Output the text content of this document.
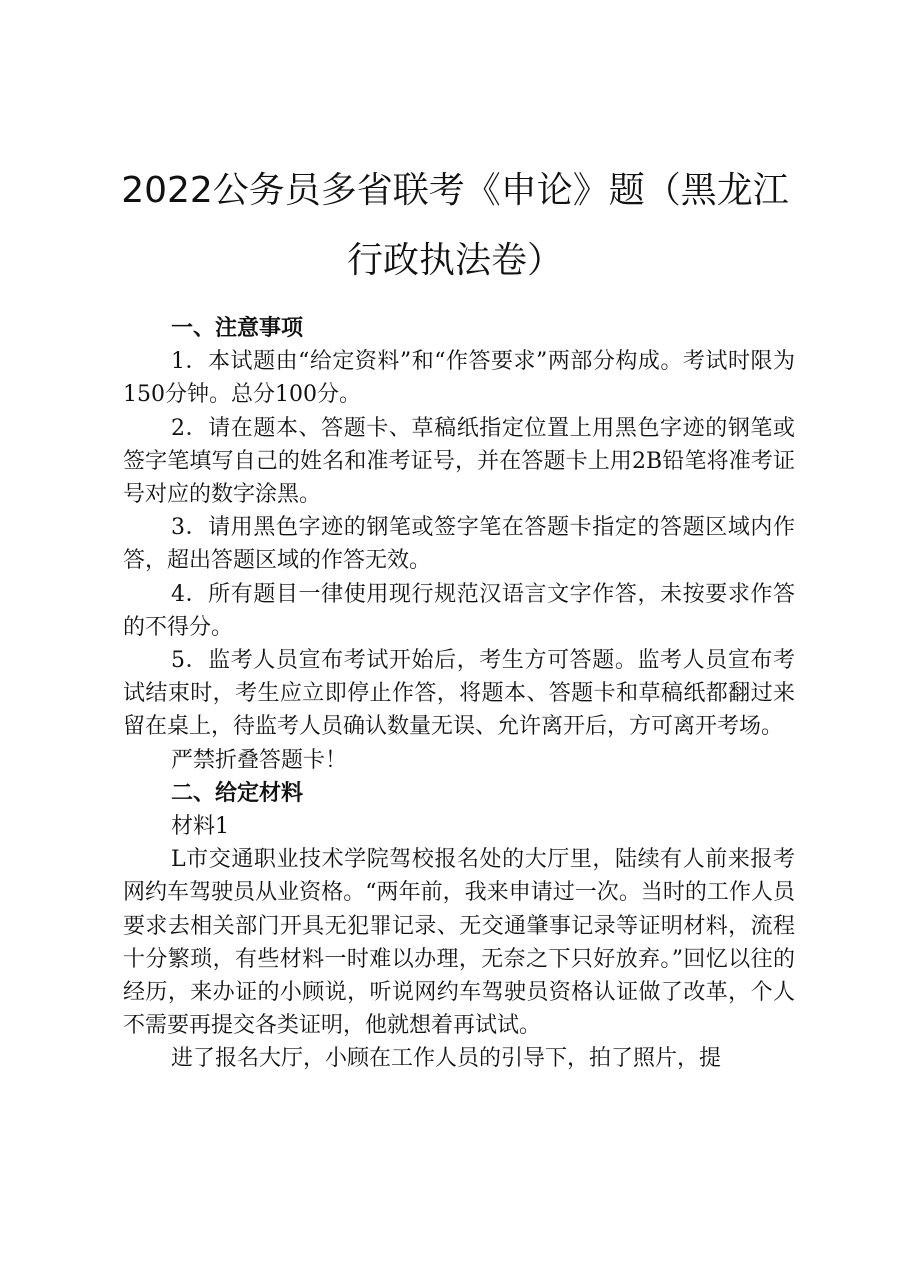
2022公务员多省联考《申论》题（黑龙江行政执法卷）

一、注意事项

1．本试题由“给定资料”和“作答要求”两部分构成。考试时限为150分钟。总分100分。

2．请在题本、答题卡、草稿纸指定位置上用黑色字迹的钢笔或签字笔填写自己的姓名和准考证号，并在答题卡上用2B铅笔将准考证号对应的数字涂黑。

3．请用黑色字迹的钢笔或签字笔在答题卡指定的答题区域内作答，超出答题区域的作答无效。

4．所有题目一律使用现行规范汉语言文字作答，未按要求作答的不得分。

5．监考人员宣布考试开始后，考生方可答题。监考人员宣布考试结束时，考生应立即停止作答，将题本、答题卡和草稿纸都翻过来留在桌上，待监考人员确认数量无误、允许离开后，方可离开考场。

严禁折叠答题卡！

二、给定材料

材料1

L市交通职业技术学院驾校报名处的大厅里，陆续有人前来报考网约车驾驶员从业资格。“两年前，我来申请过一次。当时的工作人员要求去相关部门开具无犯罪记录、无交通肇事记录等证明材料，流程十分繁琐，有些材料一时难以办理，无奈之下只好放弃。”回忆以往的经历，来办证的小顾说，听说网约车驾驶员资格认证做了改革，个人不需要再提交各类证明，他就想着再试试。

进了报名大厅，小顾在工作人员的引导下，拍了照片，提
